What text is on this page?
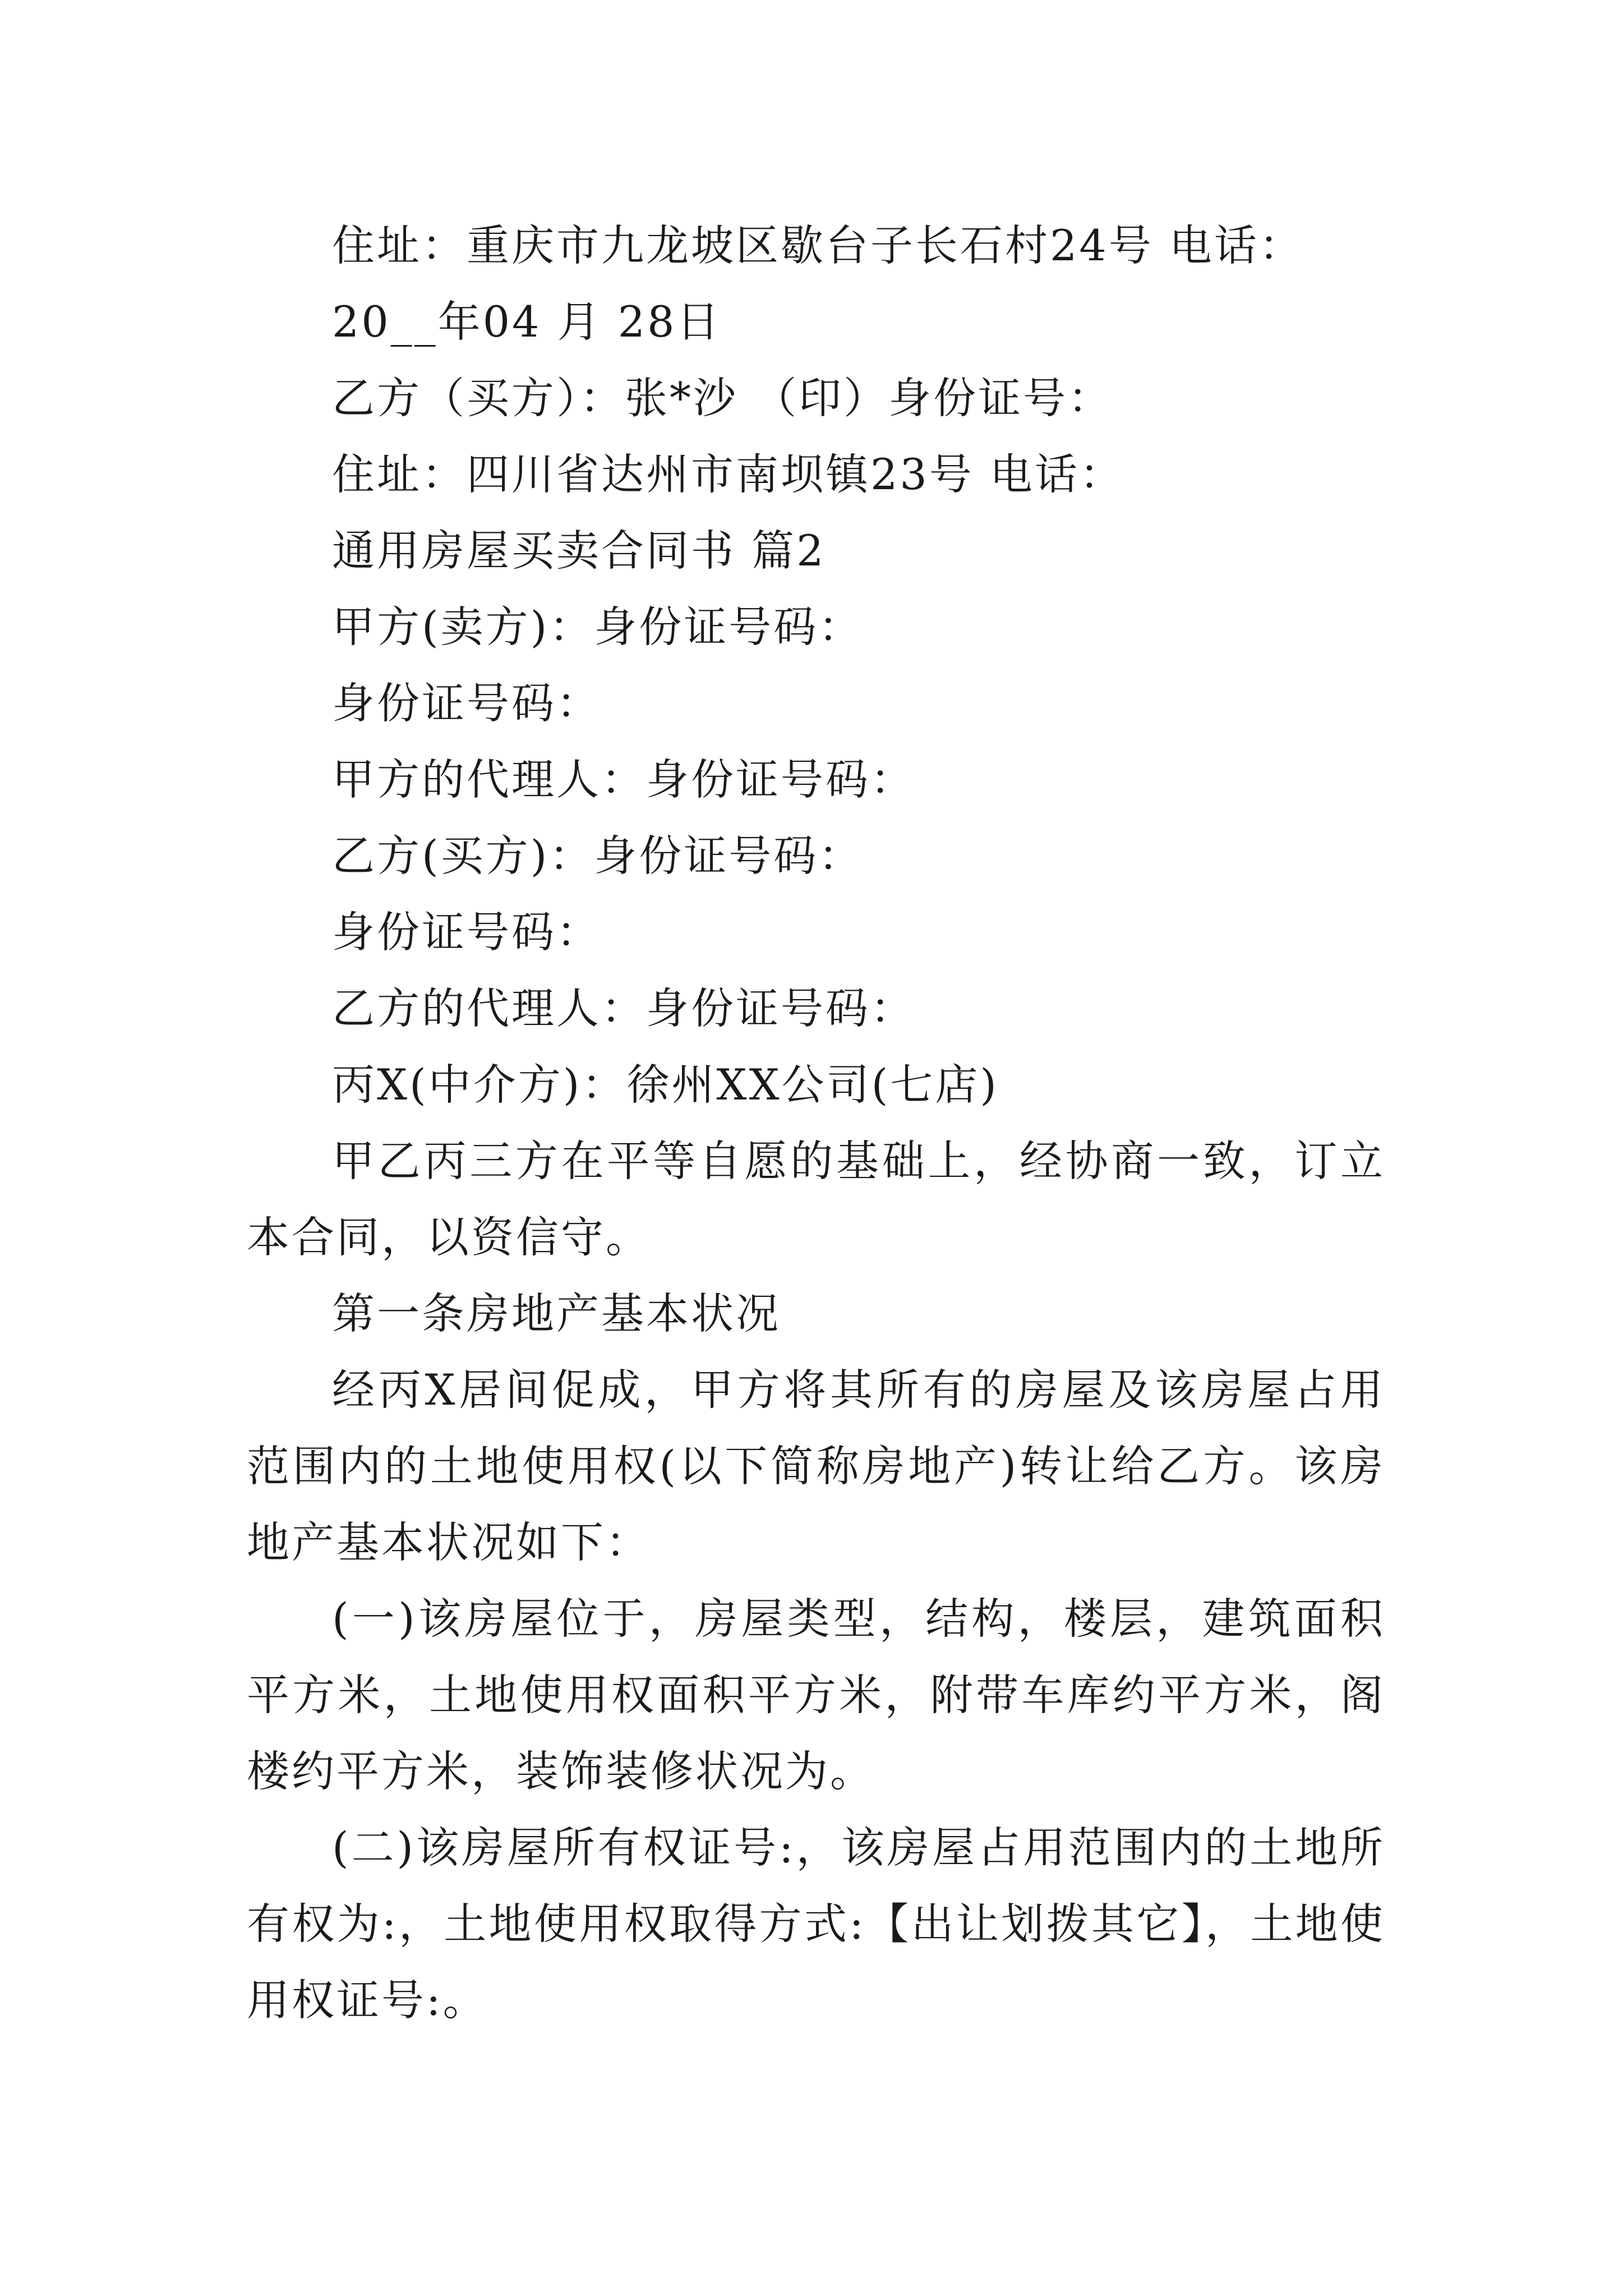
住址：重庆市九龙坡区歇台子长石村24号 电话：

20__年04 月 28日

乙方（买方）：张*沙 （印）身份证号：

住址：四川省达州市南坝镇23号 电话：

通用房屋买卖合同书 篇2

甲方(卖方)：身份证号码：

身份证号码：

甲方的代理人：身份证号码：

乙方(买方)：身份证号码：

身份证号码：

乙方的代理人：身份证号码：

丙X(中介方)：徐州XX公司(七店)

甲乙丙三方在平等自愿的基础上，经协商一致，订立本合同，以资信守。

第一条房地产基本状况

经丙X居间促成，甲方将其所有的房屋及该房屋占用范围内的土地使用权(以下简称房地产)转让给乙方。该房地产基本状况如下：

(一)该房屋位于，房屋类型，结构，楼层，建筑面积平方米，土地使用权面积平方米，附带车库约平方米，阁楼约平方米，装饰装修状况为。

(二)该房屋所有权证号:，该房屋占用范围内的土地所有权为:，土地使用权取得方式:【出让划拨其它】，土地使用权证号:。
